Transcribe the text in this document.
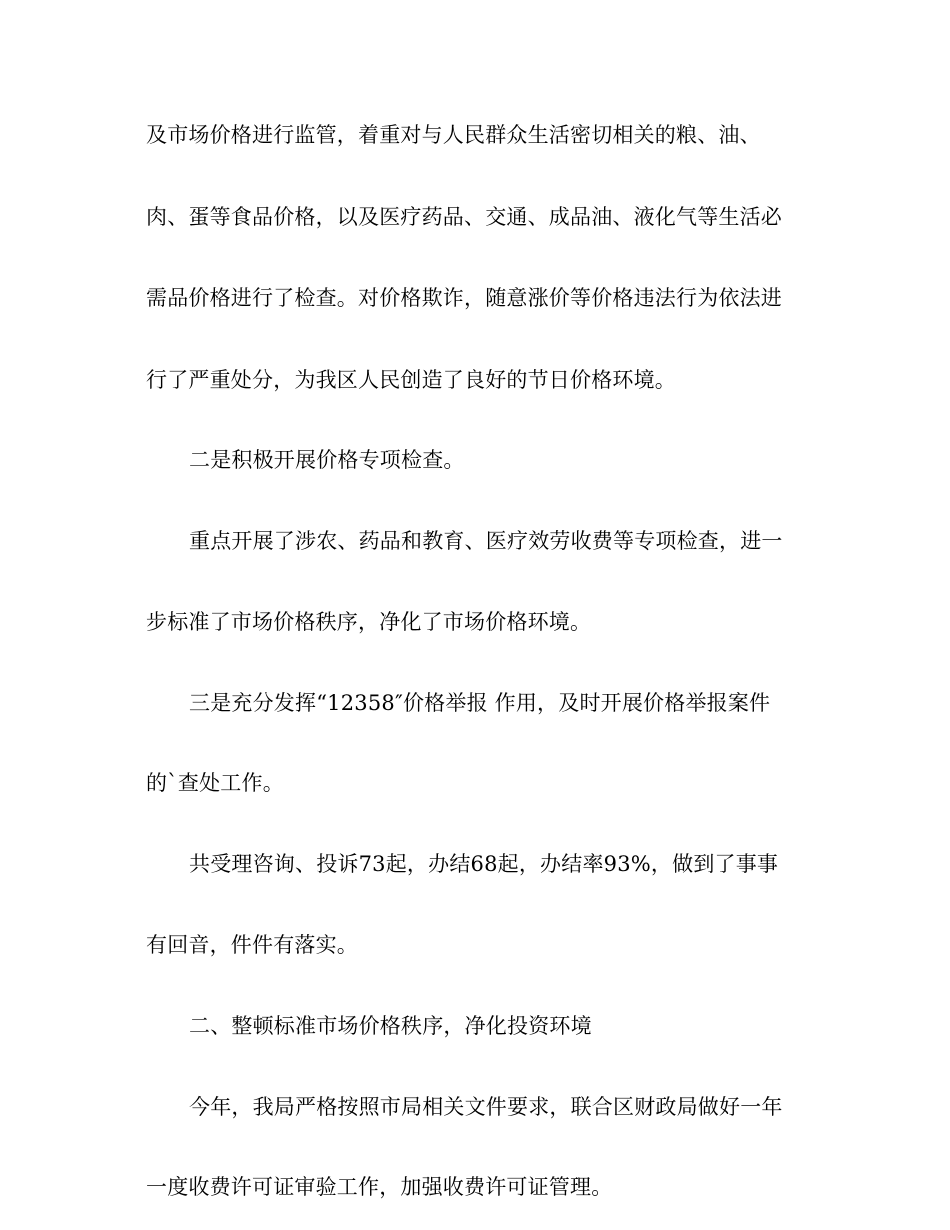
及市场价格进行监管，着重对与人民群众生活密切相关的粮、油、
肉、蛋等食品价格，以及医疗药品、交通、成品油、液化气等生活必
需品价格进行了检查。对价格欺诈，随意涨价等价格违法行为依法进
行了严重处分，为我区人民创造了良好的节日价格环境。
二是积极开展价格专项检查。
重点开展了涉农、药品和教育、医疗效劳收费等专项检查，进一
步标准了市场价格秩序，净化了市场价格环境。
三是充分发挥“12358″价格举报 作用，及时开展价格举报案件
的`查处工作。
共受理咨询、投诉73起，办结68起，办结率93%，做到了事事
有回音，件件有落实。
二、整顿标准市场价格秩序，净化投资环境
今年，我局严格按照市局相关文件要求，联合区财政局做好一年
一度收费许可证审验工作，加强收费许可证管理。
